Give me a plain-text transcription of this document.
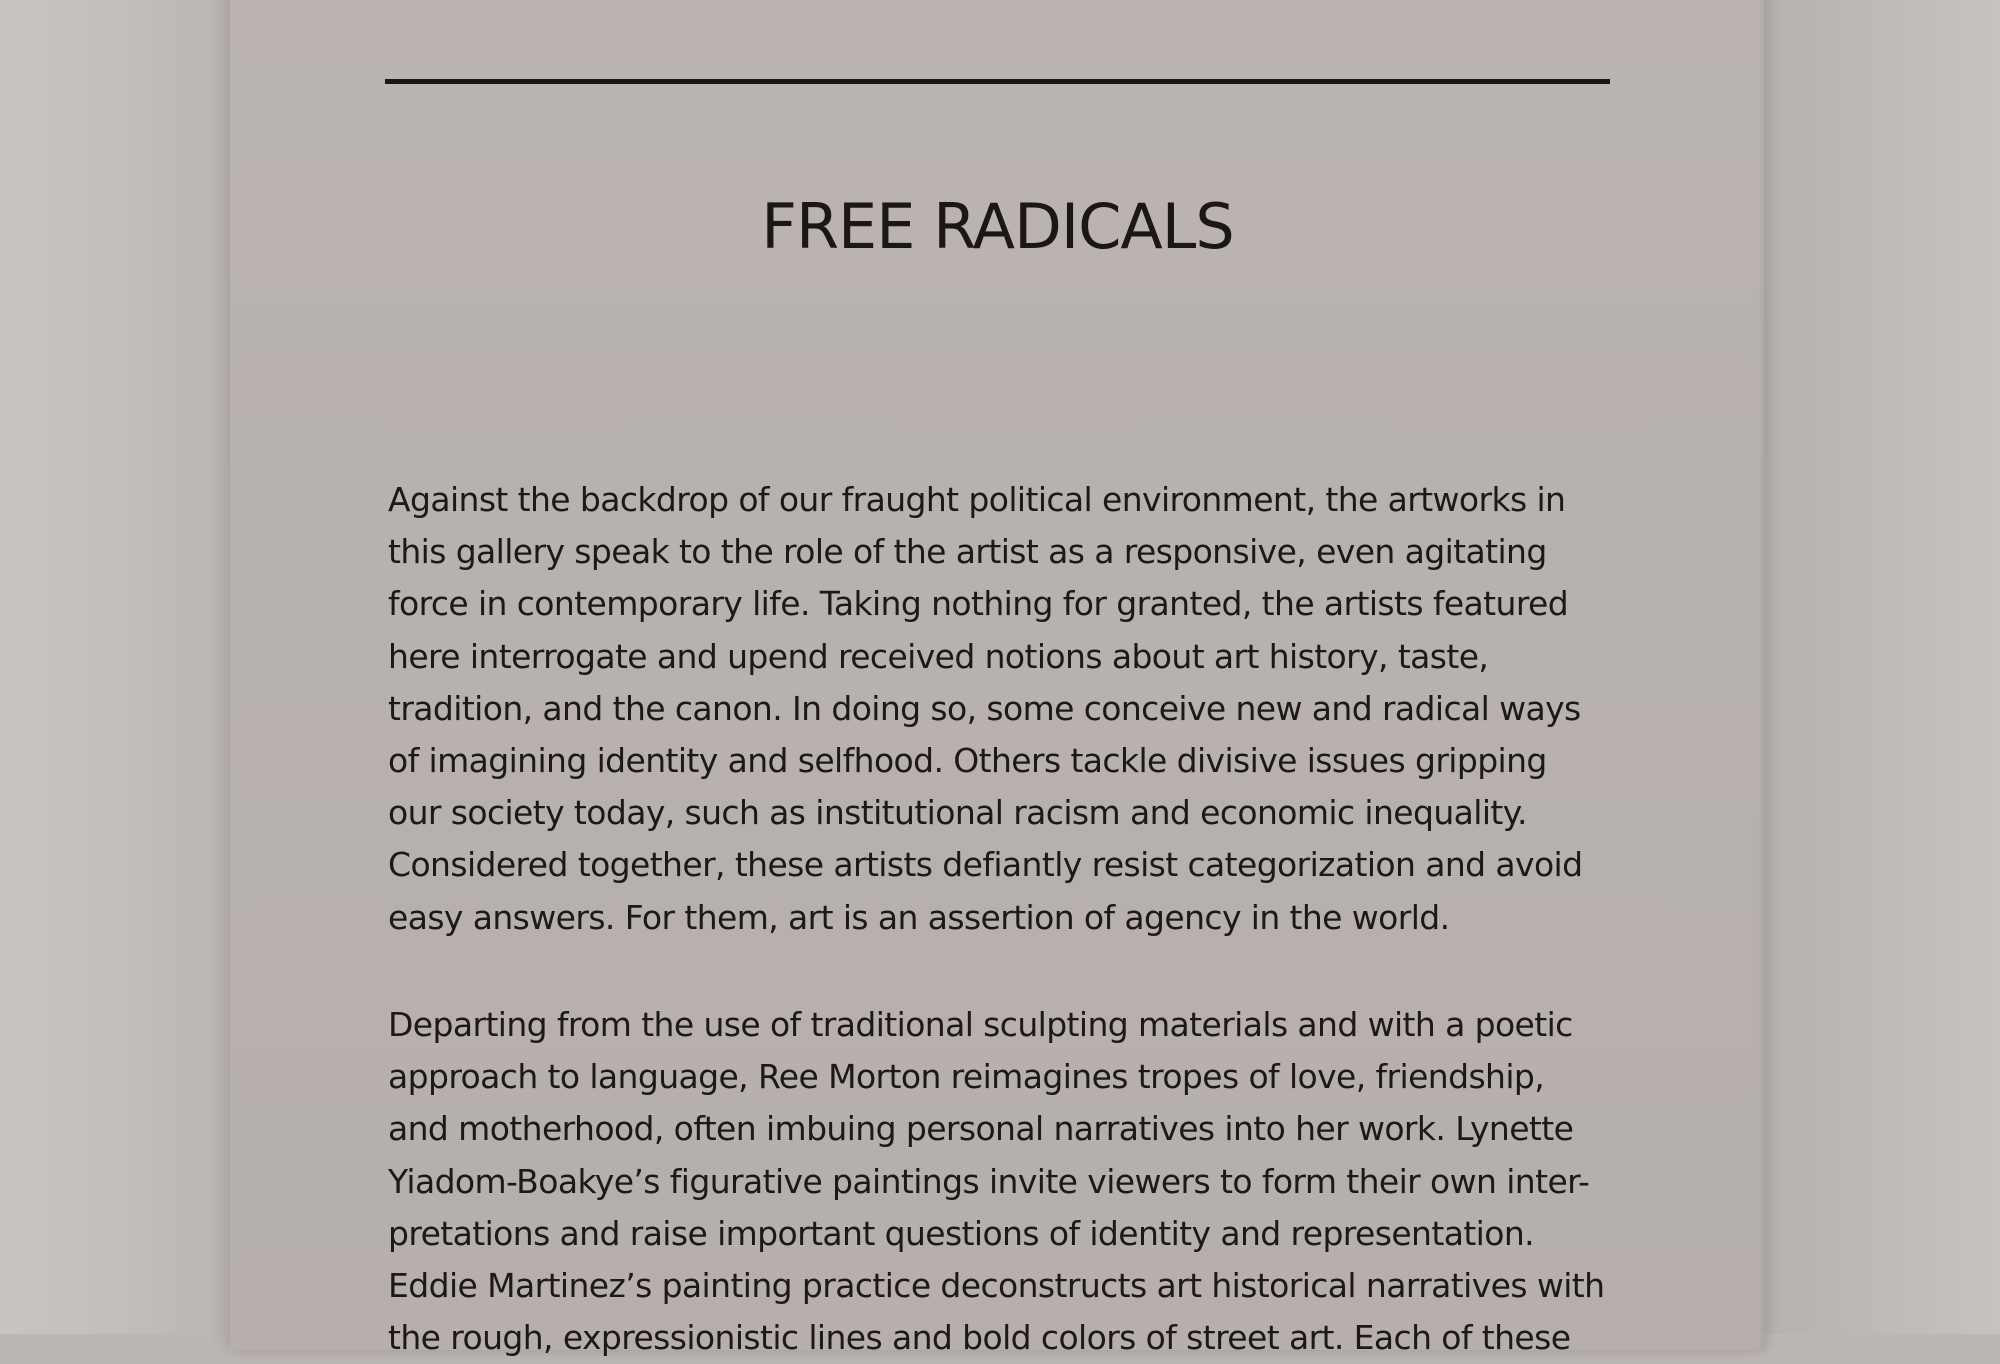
FREE RADICALS
Against the backdrop of our fraught political environment, the artworks in
this gallery speak to the role of the artist as a responsive, even agitating
force in contemporary life. Taking nothing for granted, the artists featured
here interrogate and upend received notions about art history, taste,
tradition, and the canon. In doing so, some conceive new and radical ways
of imagining identity and selfhood. Others tackle divisive issues gripping
our society today, such as institutional racism and economic inequality.
Considered together, these artists defiantly resist categorization and avoid
easy answers. For them, art is an assertion of agency in the world.
Departing from the use of traditional sculpting materials and with a poetic
approach to language, Ree Morton reimagines tropes of love, friendship,
and motherhood, often imbuing personal narratives into her work. Lynette
Yiadom-Boakye’s figurative paintings invite viewers to form their own inter-
pretations and raise important questions of identity and representation.
Eddie Martinez’s painting practice deconstructs art historical narratives with
the rough, expressionistic lines and bold colors of street art. Each of these
